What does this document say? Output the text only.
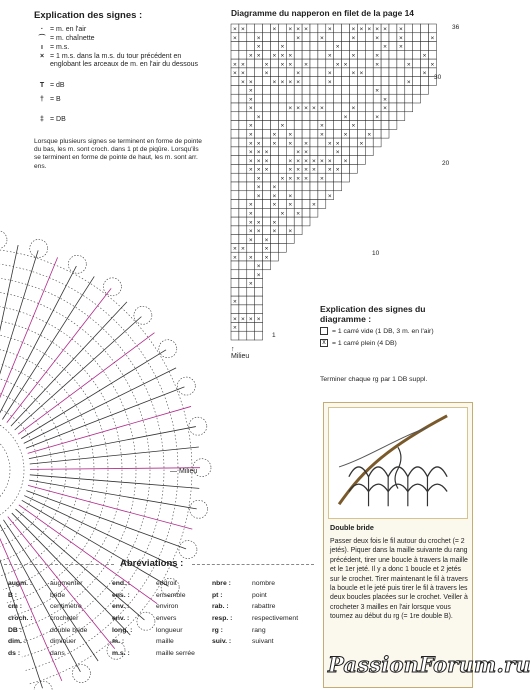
Explication des signes :
· = m. en l'air
⌒ = m. chaînette
ı	= m.s.
× = 1 m.s. dans la m.s. du tour précédent en englobant les arceaux de m. en l'air du dessous
T = dB
† = B
‡ = DB
Lorsque plusieurs signes se terminent en forme de pointe du bas, les m. sont croch. dans 1 pt de piqûre. Lorsqu'ils se terminent en forme de pointe de haut, les m. sont arr. ens.
— Milieu
Diagramme du napperon en filet de la page 14
× ×	× × × ×	×	× × × × × ×
×	×	×	×	×	×	×	×
×	×	×	× ×
× × × × ×	×	×	×	×
× ×	× × × ×	× ×	×	×	×
× ×	×	×	×	× ×	×
× ×	× × × ×	×	×
×	×
×	×
×	× × × × ×	×	×
×	×	×
×	×	×	×
×	× ×	×	×	×
× × × × ×	× ×	×
× × ×	× ×	×
× × ×	× × × × × × ×
× × ×	× × × × × ×
×	× × × × ×
× ×
× × ×	×
×	× ×	×
×	× ×
× × ×
× × × ×
× ×
× ×	×
× × ×
×
×
×
×
× × × ×
×
36
30
20
10
1
↑
Milieu
Explication des signes du diagramme :
= 1 carré vide (1 DB, 3 m. en l'air)
x = 1 carré plein (4 DB)
Terminer chaque rg par 1 DB suppl.
Double bride
Passer deux fois le fil autour du crochet (= 2 jetés). Piquer dans la maille suivante du rang précédent, tirer une boucle à travers la maille et le 1er jeté. Il y a donc 1 boucle et 2 jetés sur le crochet. Tirer maintenant le fil à travers la boucle et le jeté puis tirer le fil à travers les deux boucles placées sur le crochet. Veiller à crocheter 3 mailles en l'air lorsque vous tournez au début du rg (= 1re double B).
Abréviations :
augm. :	augmenter
B :	bride
cm :	centimètre
croch. :	crocheter
DB :	double bride
dim. :	diminuer
ds :	dans
end. :	endroit
ens. :	ensemble
env. :	environ
env. :	envers
long. :	longueur
m. :	maille
m.s. :	maille serrée
nbre :	nombre
pt :	point
rab. :	rabattre
resp. :	respectivement
rg :	rang
suiv. :	suivant
PassionForum.ru
